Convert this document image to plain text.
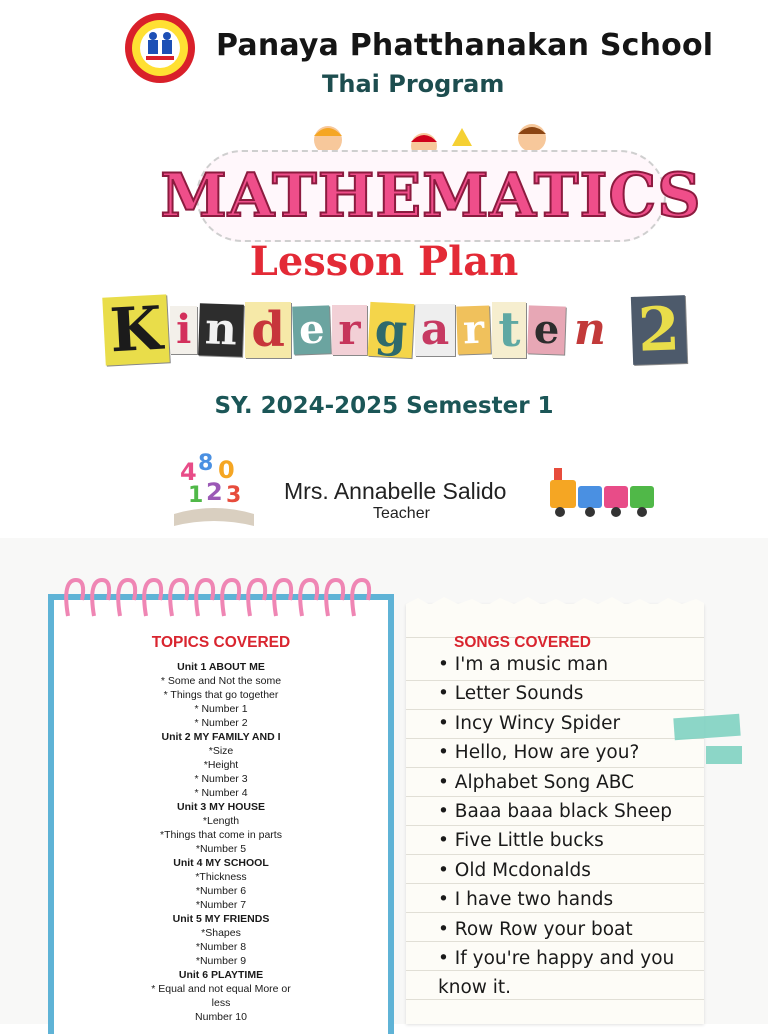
Panaya Phatthanakan School
Thai Program
MATHEMATICS
Lesson Plan
K i n d e r g a r t e n 2
SY. 2024-2025 Semester 1
4 8 0
1 2 3 Mrs. Annabelle Salido
Teacher
TOPICS COVERED
Unit 1 ABOUT ME
* Some and Not the some
* Things that go together
* Number 1
* Number 2
Unit 2 MY FAMILY AND I
*Size
*Height
* Number 3
* Number 4
Unit 3 MY HOUSE
*Length
*Things that come in parts
*Number 5
Unit 4 MY SCHOOL
*Thickness
*Number 6
*Number 7
Unit 5 MY FRIENDS
*Shapes
*Number 8
*Number 9
Unit 6 PLAYTIME
* Equal and not equal More or
less
Number 10
SONGS COVERED
• I'm a music man
• Letter Sounds
• Incy Wincy Spider
• Hello, How are you?
• Alphabet Song ABC
• Baaa baaa black Sheep
• Five Little bucks
• Old Mcdonalds
• I have two hands
• Row Row your boat
• If you're happy and you
know it.
